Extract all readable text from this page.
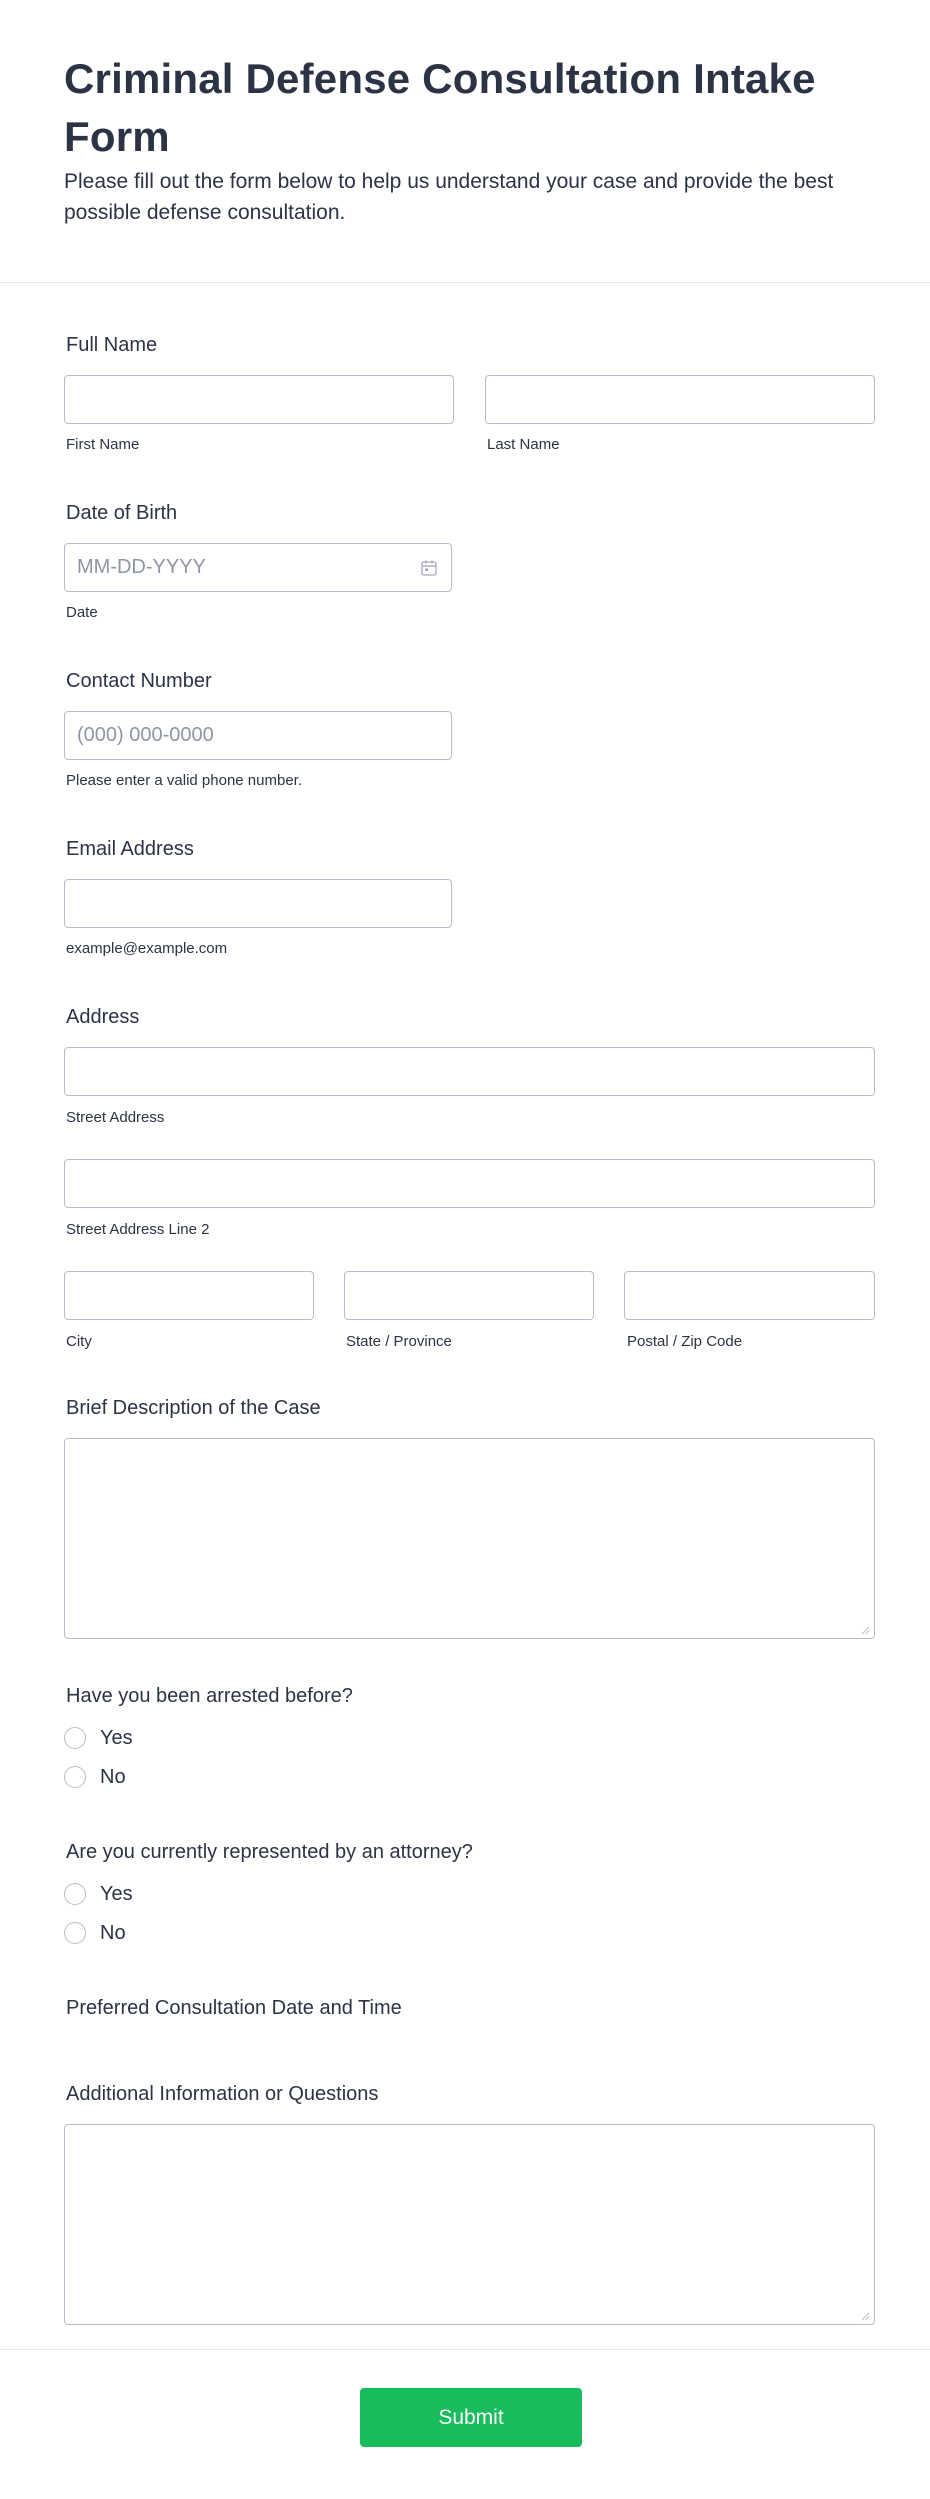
Criminal Defense Consultation Intake Form

Please fill out the form below to help us understand your case and provide the best possible defense consultation.

Full Name
First Name	Last Name
Date of Birth
MM-DD-YYYY
Date
Contact Number
(000) 000-0000
Please enter a valid phone number.
Email Address
example@example.com
Address
Street Address
Street Address Line 2
City	State / Province	Postal / Zip Code
Brief Description of the Case
Have you been arrested before?
Yes
No
Are you currently represented by an attorney?
Yes
No
Preferred Consultation Date and Time
Additional Information or Questions
Submit
